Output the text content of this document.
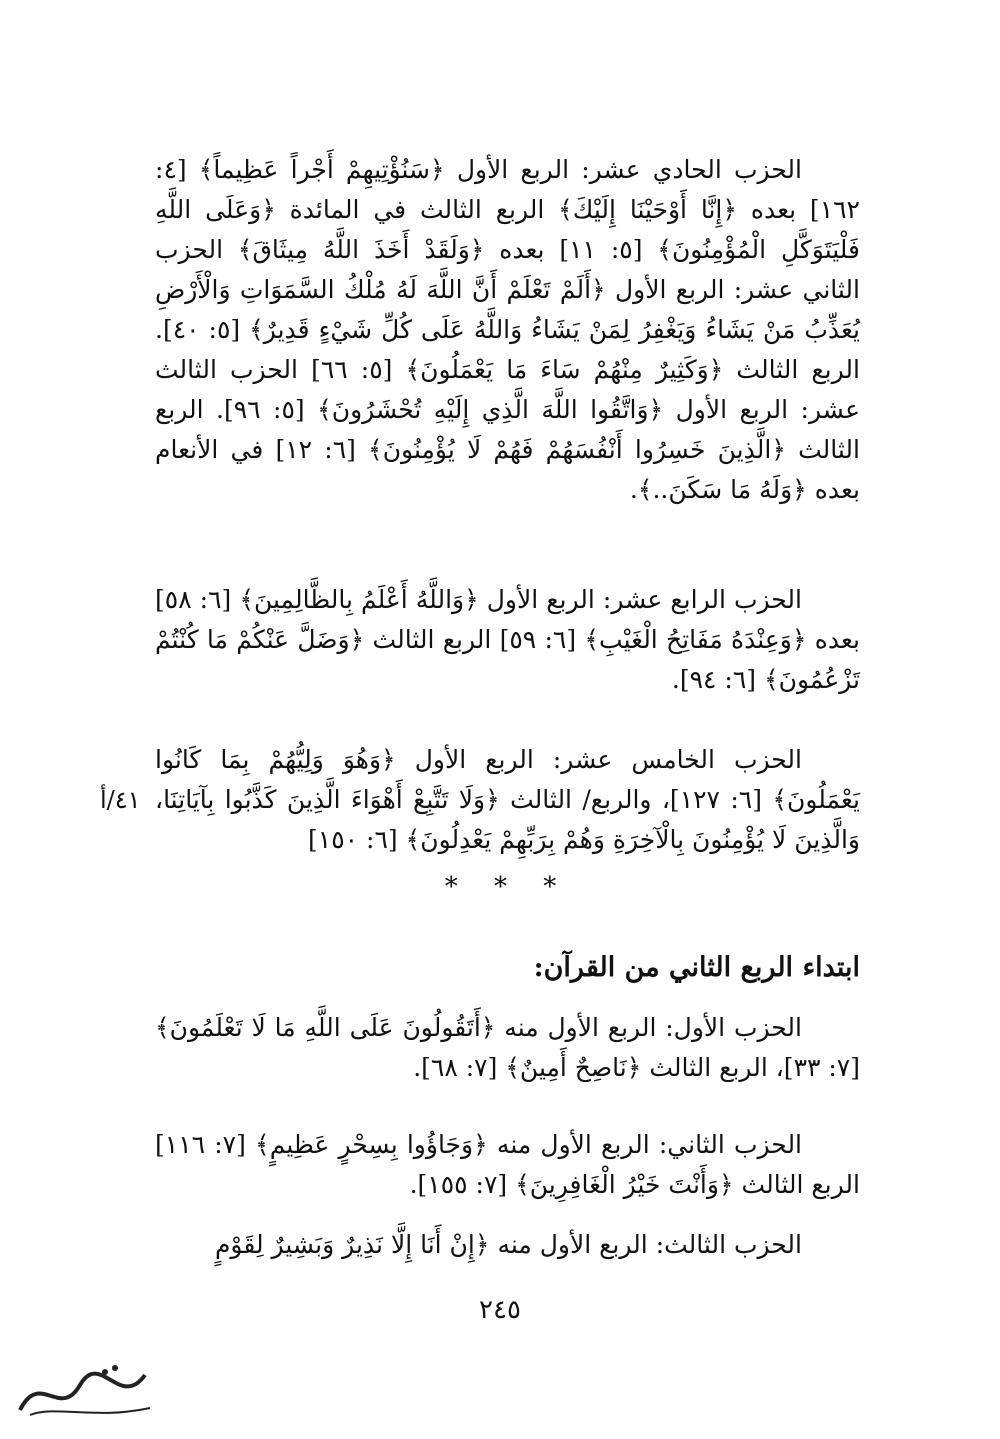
الحزب الحادي عشر: الربع الأول ﴿سَنُؤْتِيهِمْ أَجْراً عَظِيماً﴾ [٤: ١٦٢] بعده ﴿إِنَّا أَوْحَيْنَا إِلَيْكَ﴾ الربع الثالث في المائدة ﴿وَعَلَى اللَّهِ فَلْيَتَوَكَّلِ الْمُؤْمِنُونَ﴾ [٥: ١١] بعده ﴿وَلَقَدْ أَخَذَ اللَّهُ مِيثَاقَ﴾ الحزب الثاني عشر: الربع الأول ﴿أَلَمْ تَعْلَمْ أَنَّ اللَّهَ لَهُ مُلْكُ السَّمَوَاتِ وَالْأَرْضِ يُعَذِّبُ مَنْ يَشَاءُ وَيَغْفِرُ لِمَنْ يَشَاءُ وَاللَّهُ عَلَى كُلِّ شَيْءٍ قَدِيرٌ﴾ [٥: ٤٠]. الربع الثالث ﴿وَكَثِيرٌ مِنْهُمْ سَاءَ مَا يَعْمَلُونَ﴾ [٥: ٦٦] الحزب الثالث عشر: الربع الأول ﴿وَاتَّقُوا اللَّهَ الَّذِي إِلَيْهِ تُحْشَرُونَ﴾ [٥: ٩٦]. الربع الثالث ﴿الَّذِينَ خَسِرُوا أَنْفُسَهُمْ فَهُمْ لَا يُؤْمِنُونَ﴾ [٦: ١٢] في الأنعام بعده ﴿وَلَهُ مَا سَكَنَ..﴾.

الحزب الرابع عشر: الربع الأول ﴿وَاللَّهُ أَعْلَمُ بِالظَّالِمِينَ﴾ [٦: ٥٨] بعده ﴿وَعِنْدَهُ مَفَاتِحُ الْغَيْبِ﴾ [٦: ٥٩] الربع الثالث ﴿وَضَلَّ عَنْكُمْ مَا كُنْتُمْ تَزْعُمُونَ﴾ [٦: ٩٤].

الحزب الخامس عشر: الربع الأول ﴿وَهُوَ وَلِيُّهُمْ بِمَا كَانُوا يَعْمَلُونَ﴾ [٦: ١٢٧]، والربع/ الثالث ﴿وَلَا تَتَّبِعْ أَهْوَاءَ الَّذِينَ كَذَّبُوا بِآيَاتِنَا، وَالَّذِينَ لَا يُؤْمِنُونَ بِالْآخِرَةِ وَهُمْ بِرَبِّهِمْ يَعْدِلُونَ﴾ [٦: ١٥٠]

٤١/أ
* * *
ابتداء الربع الثاني من القرآن:

الحزب الأول: الربع الأول منه ﴿أَتَقُولُونَ عَلَى اللَّهِ مَا لَا تَعْلَمُونَ﴾ [٧: ٣٣]، الربع الثالث ﴿نَاصِحٌ أَمِينٌ﴾ [٧: ٦٨].

الحزب الثاني: الربع الأول منه ﴿وَجَاؤُوا بِسِحْرٍ عَظِيمٍ﴾ [٧: ١١٦] الربع الثالث ﴿وَأَنْتَ خَيْرُ الْغَافِرِينَ﴾ [٧: ١٥٥].

الحزب الثالث: الربع الأول منه ﴿إِنْ أَنَا إِلَّا نَذِيرٌ وَبَشِيرٌ لِقَوْمٍ

٢٤٥
